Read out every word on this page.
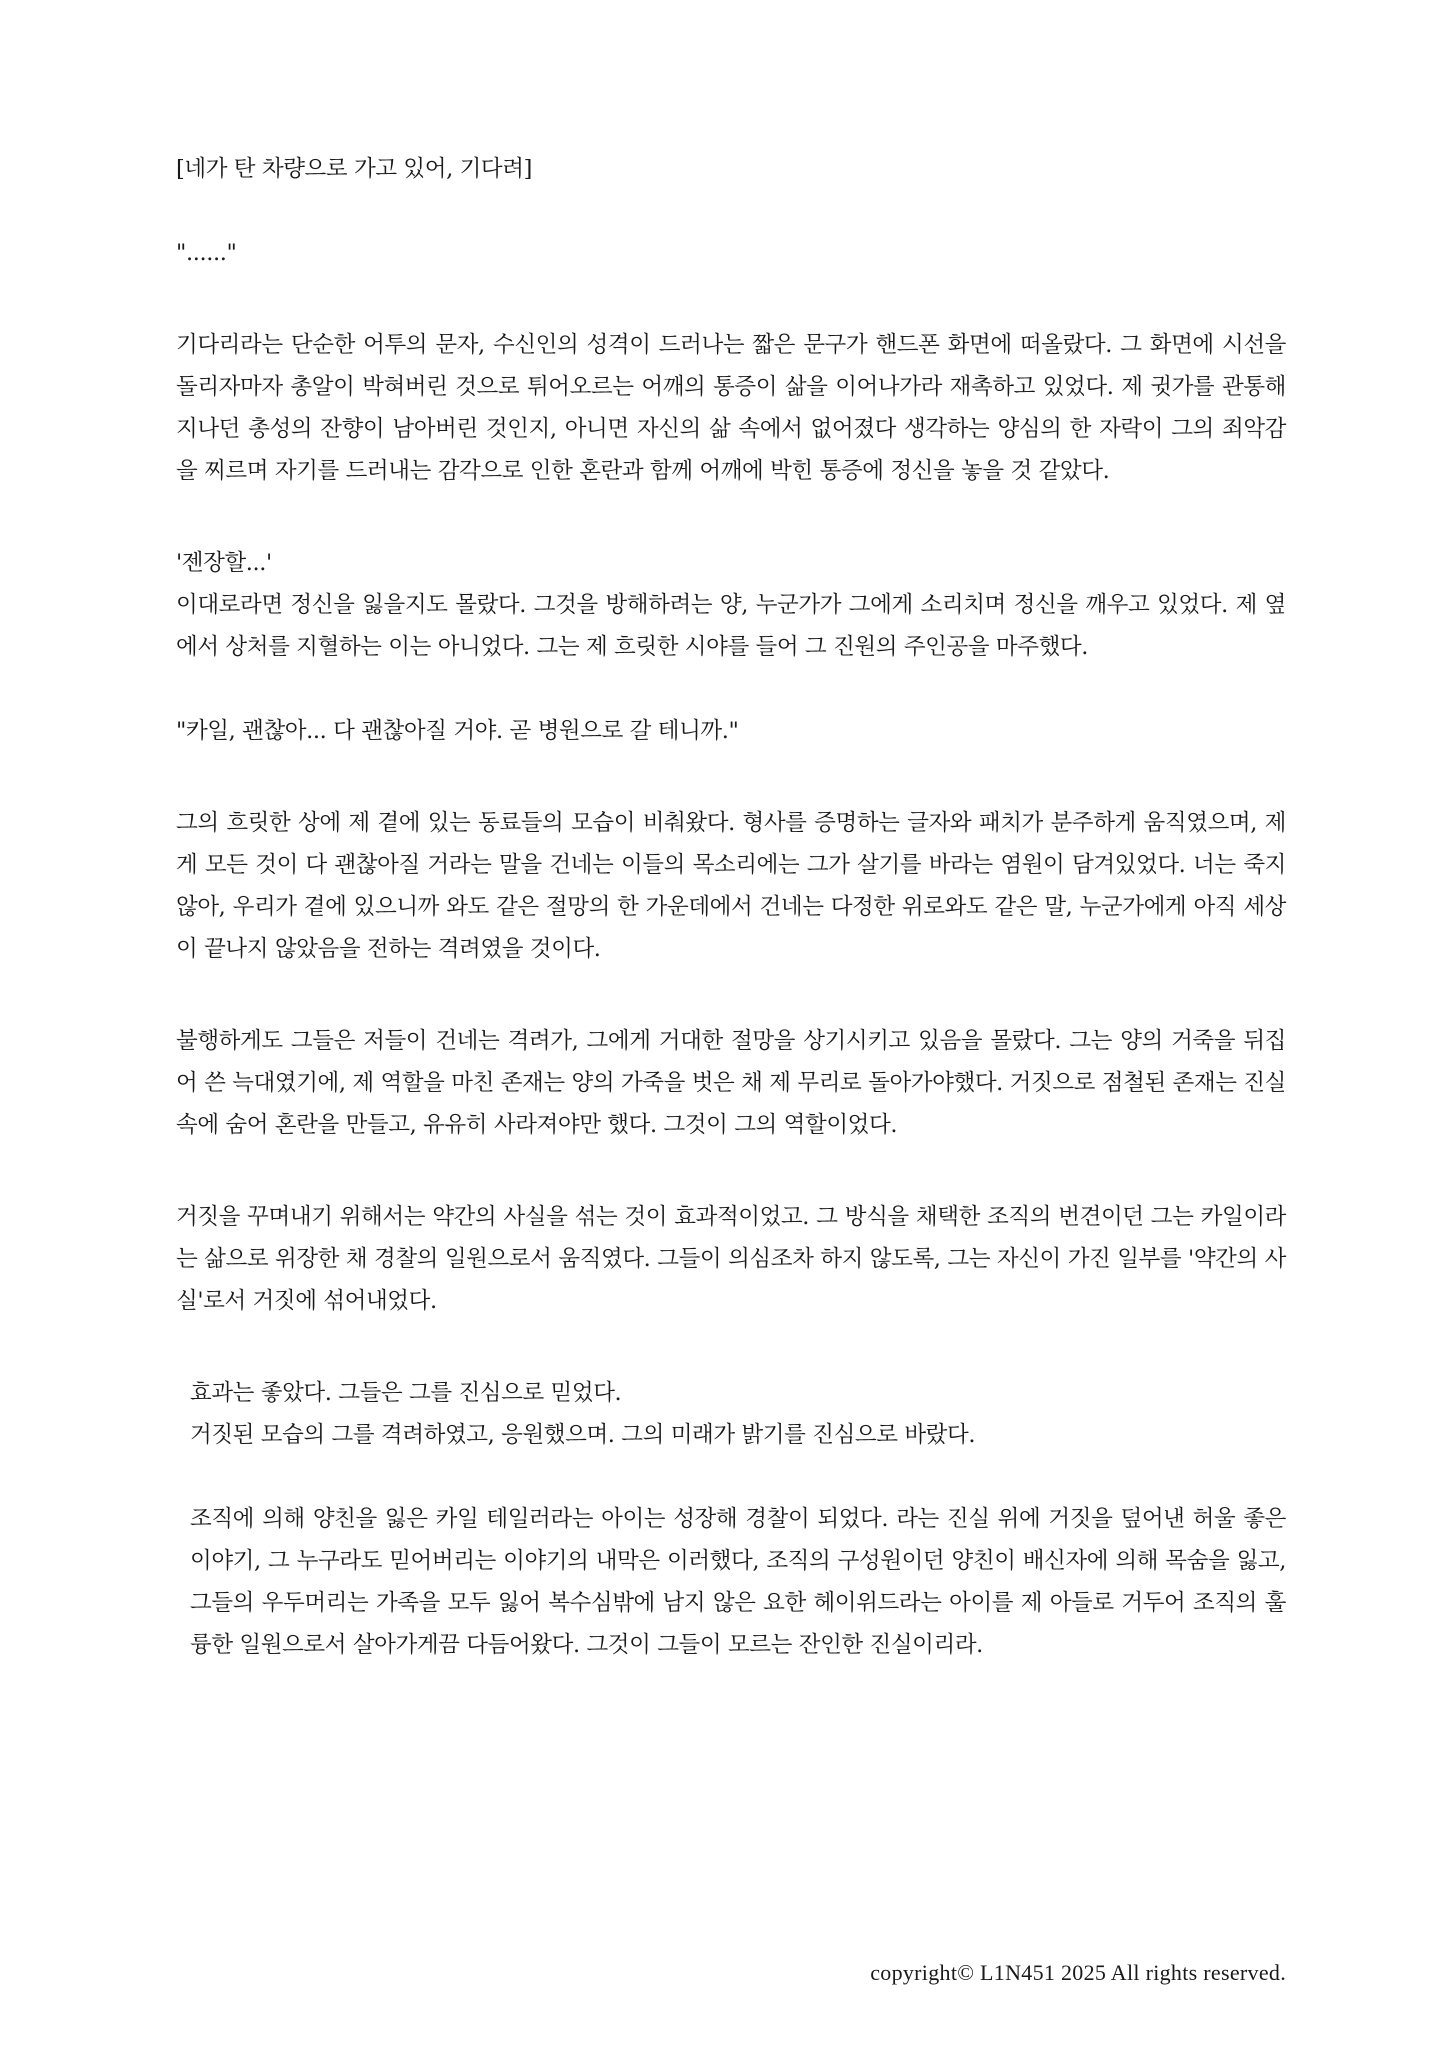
[네가 탄 차량으로 가고 있어, 기다려]

"......"

기다리라는 단순한 어투의 문자, 수신인의 성격이 드러나는 짧은 문구가 핸드폰 화면에 떠올랐다. 그 화면에 시선을 돌리자마자 총알이 박혀버린 것으로 튀어오르는 어깨의 통증이 삶을 이어나가라 재촉하고 있었다. 제 귓가를 관통해 지나던 총성의 잔향이 남아버린 것인지, 아니면 자신의 삶 속에서 없어졌다 생각하는 양심의 한 자락이 그의 죄악감을 찌르며 자기를 드러내는 감각으로 인한 혼란과 함께 어깨에 박힌 통증에 정신을 놓을 것 같았다.

'젠장할...'

이대로라면 정신을 잃을지도 몰랐다. 그것을 방해하려는 양, 누군가가 그에게 소리치며 정신을 깨우고 있었다. 제 옆에서 상처를 지혈하는 이는 아니었다. 그는 제 흐릿한 시야를 들어 그 진원의 주인공을 마주했다.

"카일, 괜찮아... 다 괜찮아질 거야. 곧 병원으로 갈 테니까."

그의 흐릿한 상에 제 곁에 있는 동료들의 모습이 비춰왔다. 형사를 증명하는 글자와 패치가 분주하게 움직였으며, 제게 모든 것이 다 괜찮아질 거라는 말을 건네는 이들의 목소리에는 그가 살기를 바라는 염원이 담겨있었다. 너는 죽지 않아, 우리가 곁에 있으니까 와도 같은 절망의 한 가운데에서 건네는 다정한 위로와도 같은 말, 누군가에게 아직 세상이 끝나지 않았음을 전하는 격려였을 것이다.

불행하게도 그들은 저들이 건네는 격려가, 그에게 거대한 절망을 상기시키고 있음을 몰랐다. 그는 양의 거죽을 뒤집어 쓴 늑대였기에, 제 역할을 마친 존재는 양의 가죽을 벗은 채 제 무리로 돌아가야했다. 거짓으로 점철된 존재는 진실 속에 숨어 혼란을 만들고, 유유히 사라져야만 했다. 그것이 그의 역할이었다.

거짓을 꾸며내기 위해서는 약간의 사실을 섞는 것이 효과적이었고. 그 방식을 채택한 조직의 번견이던 그는 카일이라는 삶으로 위장한 채 경찰의 일원으로서 움직였다. 그들이 의심조차 하지 않도록, 그는 자신이 가진 일부를 '약간의 사실'로서 거짓에 섞어내었다.

효과는 좋았다. 그들은 그를 진심으로 믿었다.

거짓된 모습의 그를 격려하였고, 응원했으며. 그의 미래가 밝기를 진심으로 바랐다.

조직에 의해 양친을 잃은 카일 테일러라는 아이는 성장해 경찰이 되었다. 라는 진실 위에 거짓을 덮어낸 허울 좋은 이야기, 그 누구라도 믿어버리는 이야기의 내막은 이러했다, 조직의 구성원이던 양친이 배신자에 의해 목숨을 잃고, 그들의 우두머리는 가족을 모두 잃어 복수심밖에 남지 않은 요한 헤이위드라는 아이를 제 아들로 거두어 조직의 훌륭한 일원으로서 살아가게끔 다듬어왔다. 그것이 그들이 모르는 잔인한 진실이리라.

copyright© L1N451 2025 All rights reserved.
